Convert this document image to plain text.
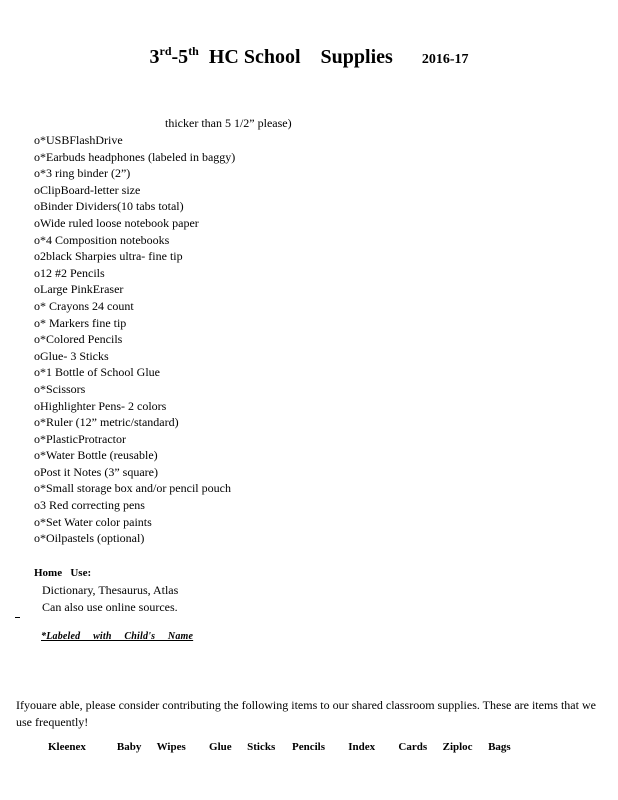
3rd-5th HC School    Supplies 2016-17
thicker than 5 1/2” please)
o*USBFlashDrive
o*Earbuds headphones (labeled in baggy)
o*3 ring binder (2”)
oClipBoard-letter size
oBinder Dividers(10 tabs total)
oWide ruled loose notebook paper
o*4 Composition notebooks
o2black Sharpies ultra- fine tip
o12 #2 Pencils
oLarge PinkEraser
o* Crayons 24 count
o* Markers fine tip
o*Colored Pencils
oGlue- 3 Sticks
o*1 Bottle of School Glue
o*Scissors
oHighlighter Pens- 2 colors
o*Ruler (12” metric/standard)
o*PlasticProtractor
o*Water Bottle (reusable)
oPost it Notes (3” square)
o*Small storage box and/or pencil pouch
o3 Red correcting pens
o*Set Water color paints
o*Oilpastels (optional)
Home   Use:
Dictionary, Thesaurus, Atlas
Can also use online sources.
*Labeled with Child's Name
Ifyouare able, please consider contributing the following items to our shared classroom supplies. These are items that we use frequently!
Kleenex    Baby  Wipes   Glue  Sticks Pencils   Index   Cards  Ziploc  Bags
